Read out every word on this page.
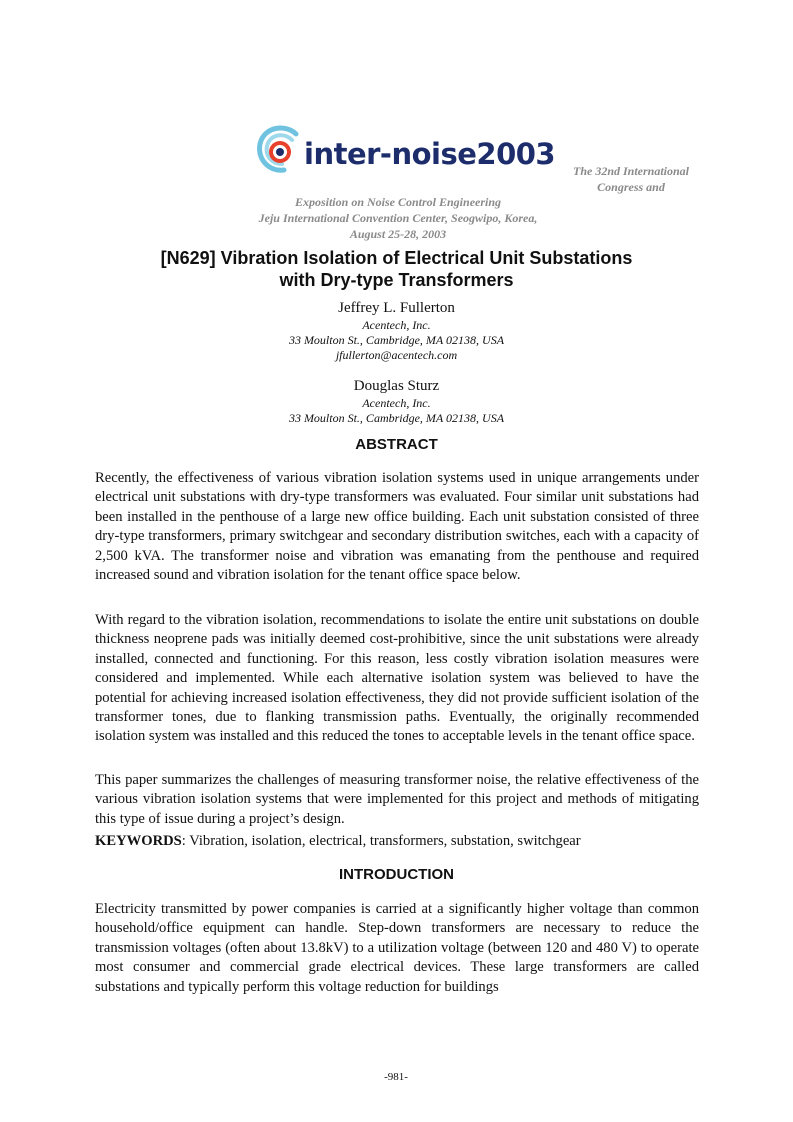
inter-noise2003	The 32nd International
Congress and
Exposition on Noise Control Engineering
Jeju International Convention Center, Seogwipo, Korea,
August 25-28, 2003
[N629] Vibration Isolation of Electrical Unit Substations
with Dry-type Transformers
Jeffrey L. Fullerton
Acentech, Inc.
33 Moulton St., Cambridge, MA 02138, USA
jfullerton@acentech.com
Douglas Sturz
Acentech, Inc.
33 Moulton St., Cambridge, MA 02138, USA
ABSTRACT

Recently, the effectiveness of various vibration isolation systems used in unique arrangements under electrical unit substations with dry-type transformers was evaluated. Four similar unit substations had been installed in the penthouse of a large new office building. Each unit substation consisted of three dry-type transformers, primary switchgear and secondary distribution switches, each with a capacity of 2,500 kVA. The transformer noise and vibration was emanating from the penthouse and required increased sound and vibration isolation for the tenant office space below.

With regard to the vibration isolation, recommendations to isolate the entire unit substations on double thickness neoprene pads was initially deemed cost-prohibitive, since the unit substations were already installed, connected and functioning. For this reason, less costly vibration isolation measures were considered and implemented. While each alternative isolation system was believed to have the potential for achieving increased isolation effectiveness, they did not provide sufficient isolation of the transformer tones, due to flanking transmission paths. Eventually, the originally recommended isolation system was installed and this reduced the tones to acceptable levels in the tenant office space.

This paper summarizes the challenges of measuring transformer noise, the relative effectiveness of the various vibration isolation systems that were implemented for this project and methods of mitigating this type of issue during a project’s design.

KEYWORDS: Vibration, isolation, electrical, transformers, substation, switchgear
INTRODUCTION

Electricity transmitted by power companies is carried at a significantly higher voltage than common household/office equipment can handle. Step-down transformers are necessary to reduce the transmission voltages (often about 13.8kV) to a utilization voltage (between 120 and 480 V) to operate most consumer and commercial grade electrical devices. These large transformers are called substations and typically perform this voltage reduction for buildings

-981-
